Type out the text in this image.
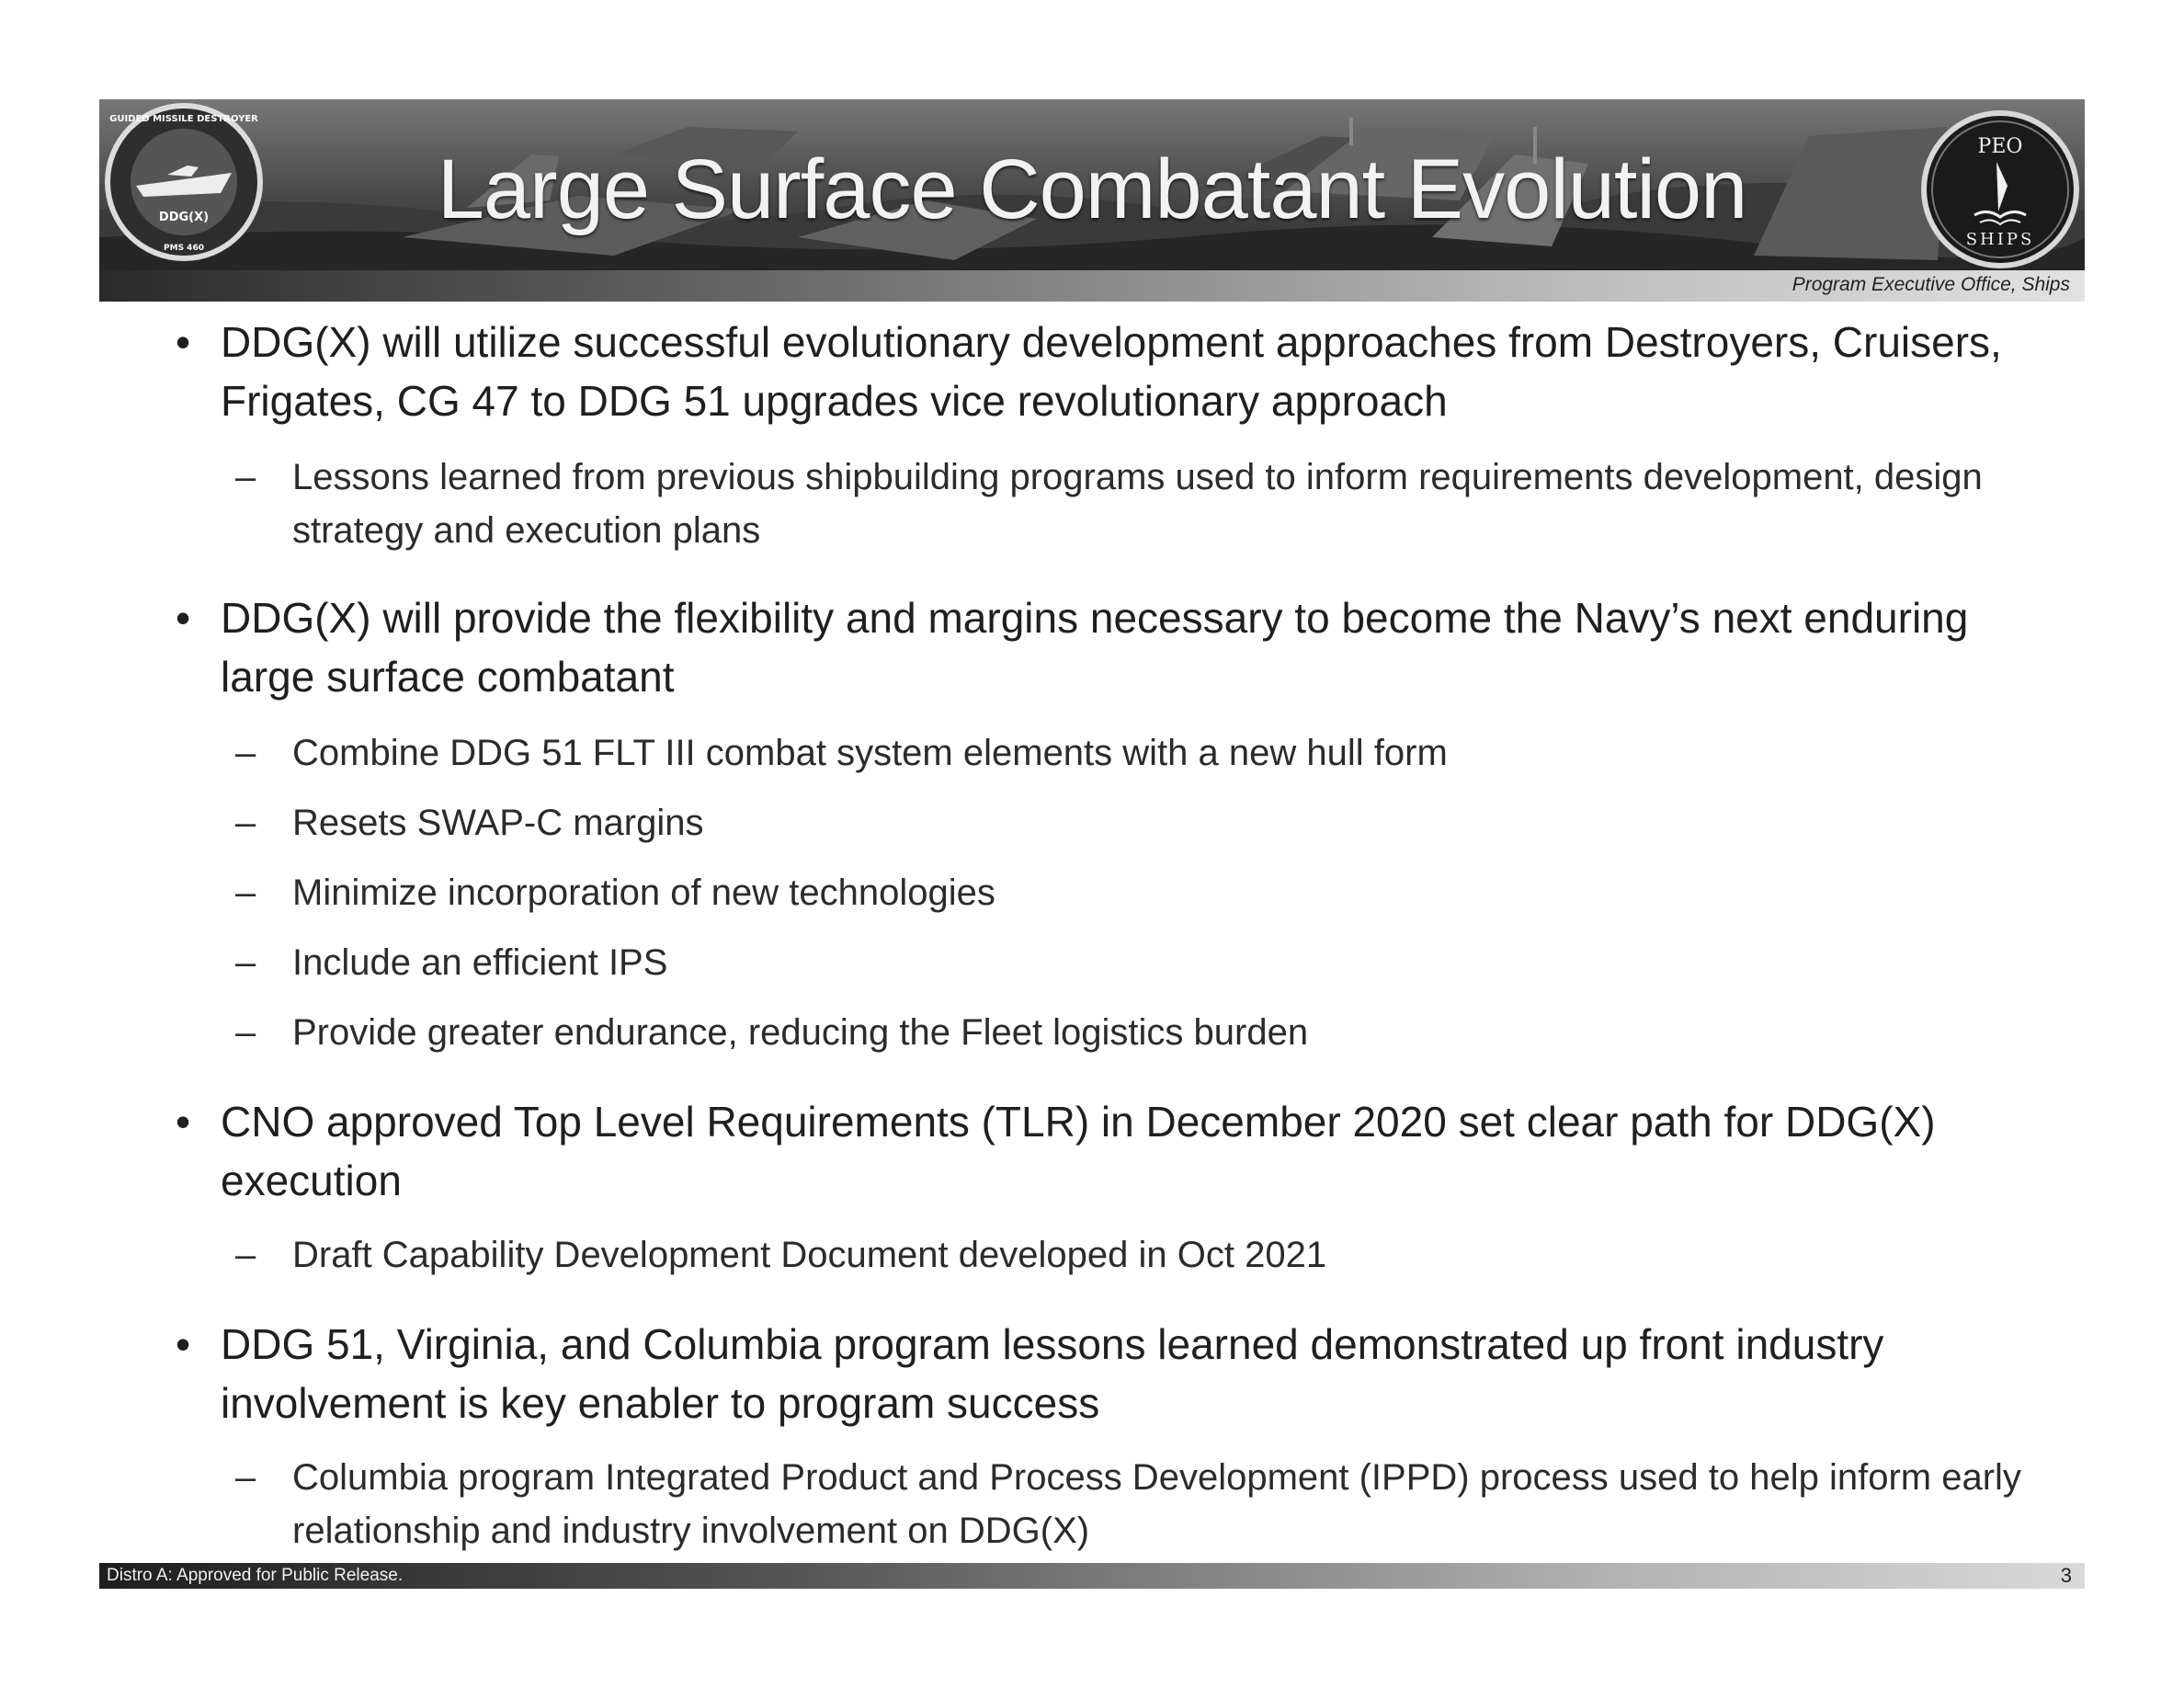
Large Surface Combatant Evolution
DDG(X)
GUIDED MISSILE DESTROYER
PMS 460
PEO
SHIPS
Program Executive Office, Ships
• DDG(X) will utilize successful evolutionary development approaches from Destroyers, Cruisers, Frigates, CG 47 to DDG 51 upgrades vice revolutionary approach
– Lessons learned from previous shipbuilding programs used to inform requirements development, design strategy and execution plans
• DDG(X) will provide the flexibility and margins necessary to become the Navy’s next enduring large surface combatant
– Combine DDG 51 FLT III combat system elements with a new hull form
– Resets SWAP-C margins
– Minimize incorporation of new technologies
– Include an efficient IPS
– Provide greater endurance, reducing the Fleet logistics burden
• CNO approved Top Level Requirements (TLR) in December 2020 set clear path for DDG(X) execution
– Draft Capability Development Document developed in Oct 2021
• DDG 51, Virginia, and Columbia program lessons learned demonstrated up front industry involvement is key enabler to program success
– Columbia program Integrated Product and Process Development (IPPD) process used to help inform early relationship and industry involvement on DDG(X)
Distro A: Approved for Public Release.	3
